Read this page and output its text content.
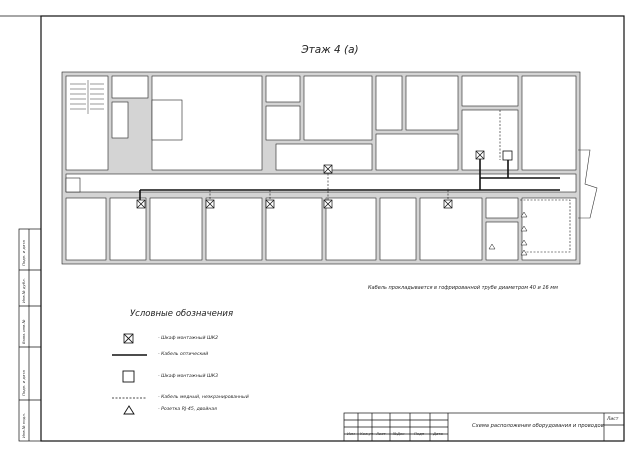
Этаж 4 (а)
Кабель прокладывается в гофрированной трубе диаметром 40 и 16 мм
Условные обозначения
- Шкаф монтажный ШК2
- Кабель оптический
- Шкаф монтажный ШК3
- Кабель медный, неэкранированный
- Розетка RJ-45, двойная
Схема расположения оборудования и проводов
Лист
Изм Кол.уч Лист №Док Подп Дата
Подп. и дата
Инв.№ дубл.
Взам. инв.№
Подп. и дата
Инв.№ подл.
